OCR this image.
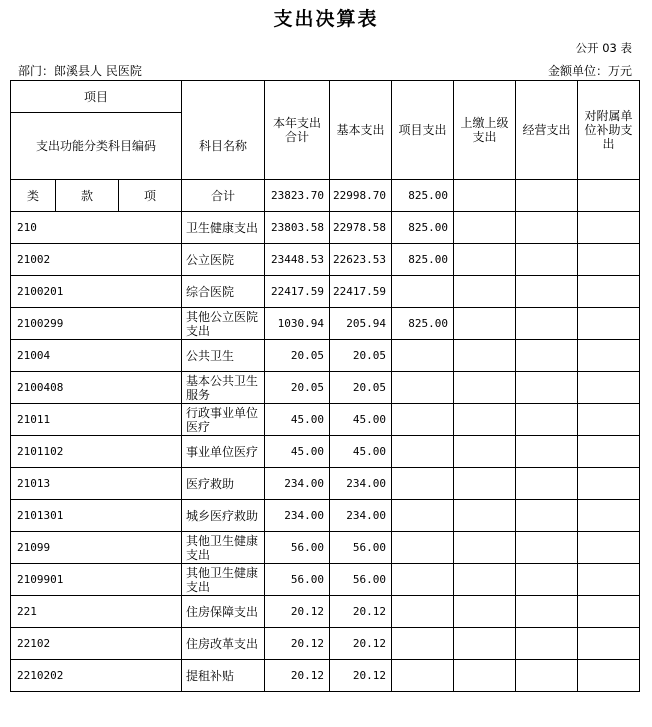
支出决算表
公开 03 表
部门：郎溪县人 民医院	金额单位：万元
项目				本年支出合计	基本支出	项目支出	上缴上级支出	经营支出	对附属单位补助支出
支出功能分类科目编码			科目名称						
类	款	项	合计	23823.70	22998.70	825.00			
210			卫生健康支出	23803.58	22978.58	825.00			
21002			公立医院	23448.53	22623.53	825.00			
2100201			综合医院	22417.59	22417.59				
2100299			其他公立医院支出	1030.94	205.94	825.00			
21004			公共卫生	20.05	20.05				
2100408			基本公共卫生服务	20.05	20.05				
21011			行政事业单位医疗	45.00	45.00				
2101102			事业单位医疗	45.00	45.00				
21013			医疗救助	234.00	234.00				
2101301			城乡医疗救助	234.00	234.00				
21099			其他卫生健康支出	56.00	56.00				
2109901			其他卫生健康支出	56.00	56.00				
221			住房保障支出	20.12	20.12				
22102			住房改革支出	20.12	20.12				
2210202			提租补贴	20.12	20.12				
